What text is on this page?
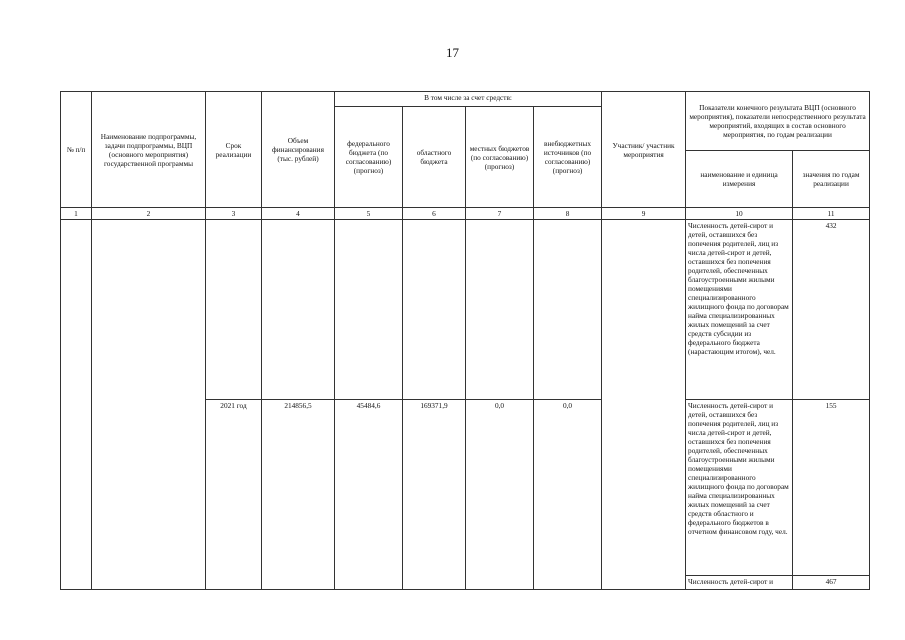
17
№ п/п	Наименование подпрограммы, задачи подпрограммы, ВЦП (основного мероприятия) государственной программы	Срок реализации	Объем финансирования (тыс. рублей)	В том числе за счет средств:				Участник/ участник мероприятия	Показатели конечного результата ВЦП (основного мероприятия), показатели непосредственного результата мероприятий, входящих в состав основного мероприятия, по годам реализации	
				федерального бюджета (по согласованию) (прогноз)	областного бюджета	местных бюджетов (по согласованию) (прогноз)	внебюджетных источников (по согласованию) (прогноз)			
									наименование и единица измерения	значения по годам реализации
1	2	3	4	5	6	7	8	9	10	11
									Численность детей-сирот и детей, оставшихся без попечения родителей, лиц из числа детей-сирот и детей, оставшихся без попечения родителей, обеспеченных благоустроенными жилыми помещениями специализированного жилищного фонда по договорам найма специализированных жилых помещений за счет средств субсидии из федерального бюджета (нарастающим итогом), чел.	432
		2021 год	214856,5	45484,6	169371,9	0,0	0,0		Численность детей-сирот и детей, оставшихся без попечения родителей, лиц из числа детей-сирот и детей, оставшихся без попечения родителей, обеспеченных благоустроенными жилыми помещениями специализированного жилищного фонда по договорам найма специализированных жилых помещений за счет средств областного и федерального бюджетов в отчетном финансовом году, чел.	155
									Численность детей-сирот и	467
